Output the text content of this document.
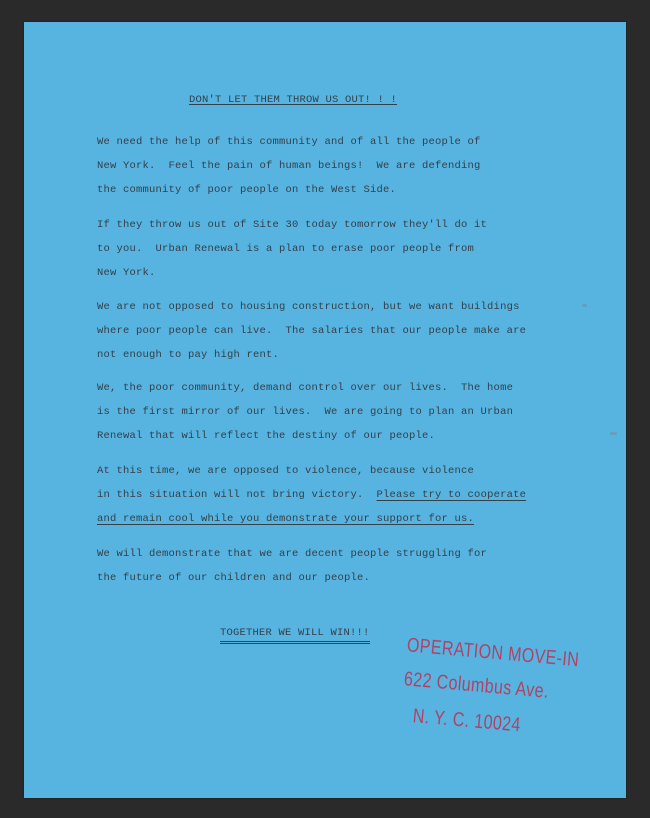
DON'T LET THEM THROW US OUT! ! !
We need the help of this community and of all the people of
New York.  Feel the pain of human beings!  We are defending
the community of poor people on the West Side.
If they throw us out of Site 30 today tomorrow they'll do it
to you.  Urban Renewal is a plan to erase poor people from
New York.
We are not opposed to housing construction, but we want buildings
where poor people can live.  The salaries that our people make are
not enough to pay high rent.
We, the poor community, demand control over our lives.  The home
is the first mirror of our lives.  We are going to plan an Urban
Renewal that will reflect the destiny of our people.
At this time, we are opposed to violence, because violence
in this situation will not bring victory.  Please try to cooperate
and remain cool while you demonstrate your support for us.
We will demonstrate that we are decent people struggling for
the future of our children and our people.
TOGETHER WE WILL WIN!!!
OPERATION MOVE-IN
622 Columbus Ave.
N. Y. C. 10024
